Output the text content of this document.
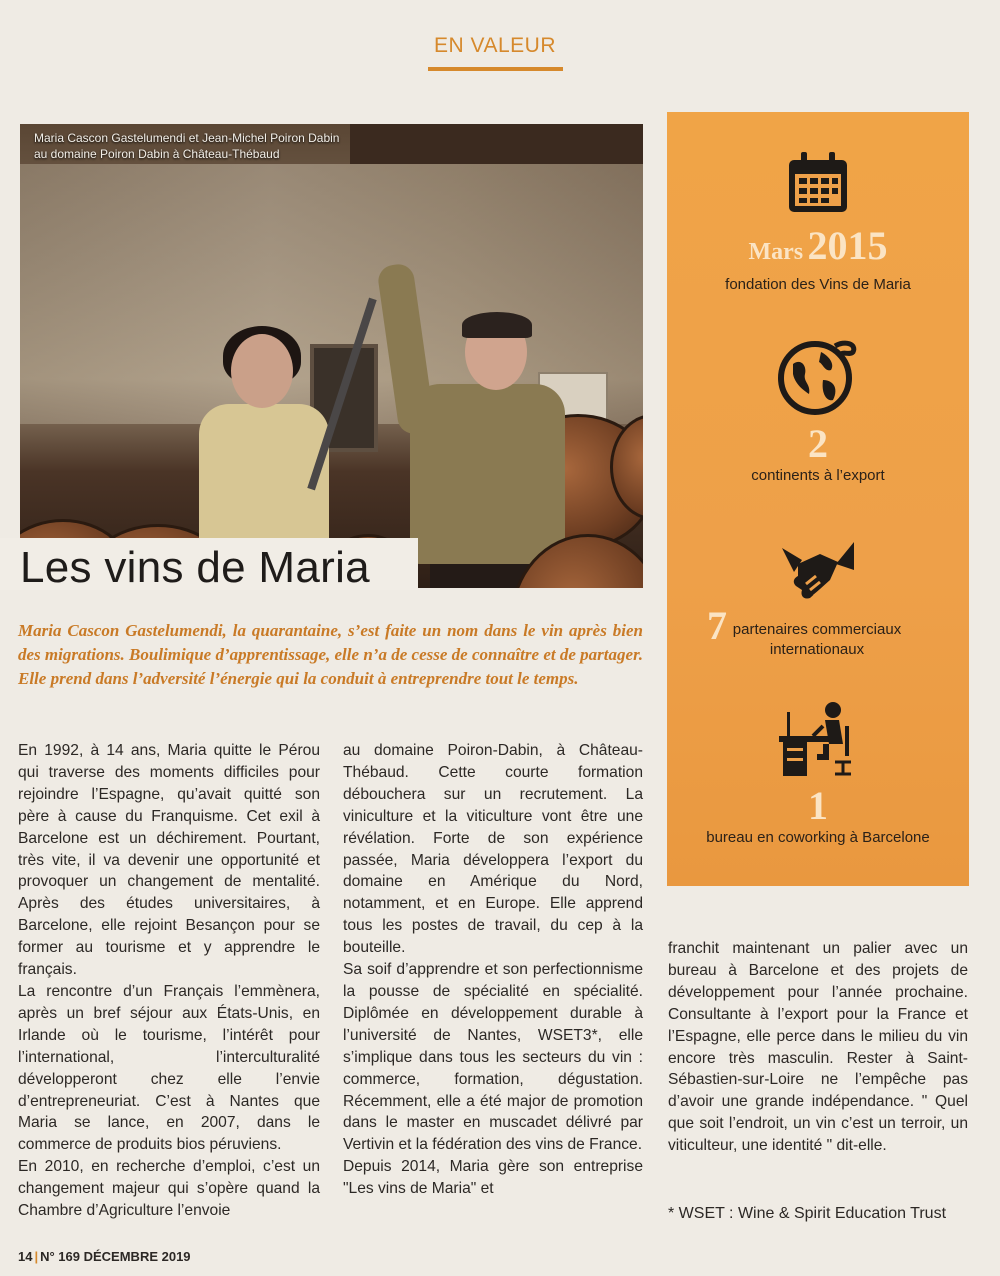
EN VALEUR
Maria Cascon Gastelumendi et Jean-Michel Poiron Dabin
au domaine Poiron Dabin à Château-Thébaud
Les vins de Maria
Maria Cascon Gastelumendi, la quarantaine, s’est faite un nom dans le vin après bien des migrations. Boulimique d’apprentissage, elle n’a de cesse de connaître et de partager. Elle prend dans l’adversité l’énergie qui la conduit à entreprendre tout le temps.

En 1992, à 14 ans, Maria quitte le Pérou qui traverse des moments difficiles pour rejoindre l’Espagne, qu’avait quitté son père à cause du Franquisme. Cet exil à Barcelone est un déchirement. Pourtant, très vite, il va devenir une opportunité et provoquer un changement de mentalité. Après des études universitaires, à Barcelone, elle rejoint Besançon pour se former au tourisme et y apprendre le français.

La rencontre d’un Français l’emmènera, après un bref séjour aux États-Unis, en Irlande où le tourisme, l’intérêt pour l’international, l’interculturalité développeront chez elle l’envie d’entrepreneuriat. C’est à Nantes que Maria se lance, en 2007, dans le commerce de produits bios péruviens.

En 2010, en recherche d’emploi, c’est un changement majeur qui s’opère quand la Chambre d’Agriculture l’envoie

au domaine Poiron-Dabin, à Château-Thébaud. Cette courte formation débouchera sur un recrutement. La viniculture et la viticulture vont être une révélation. Forte de son expérience passée, Maria développera l’export du domaine en Amérique du Nord, notamment, et en Europe. Elle apprend tous les postes de travail, du cep à la bouteille.

Sa soif d’apprendre et son perfectionnisme la pousse de spécialité en spécialité. Diplômée en développement durable à l’université de Nantes, WSET3*, elle s’implique dans tous les secteurs du vin : commerce, formation, dégustation. Récemment, elle a été major de promotion dans le master en muscadet délivré par Vertivin et la fédération des vins de France.

Depuis 2014, Maria gère son entreprise "Les vins de Maria" et

franchit maintenant un palier avec un bureau à Barcelone et des projets de développement pour l’année prochaine. Consultante à l’export pour la France et l’Espagne, elle perce dans le milieu du vin encore très masculin. Rester à Saint-Sébastien-sur-Loire ne l’empêche pas d’avoir une grande indépendance. " Quel que soit l’endroit, un vin c’est un terroir, un viticulteur, une identité " dit-elle.

* WSET : Wine & Spirit Education Trust
Mars 2015
fondation des Vins de Maria
2
continents à l’export
7 partenaires commerciaux
internationaux
1
bureau en coworking à Barcelone
14 | N° 169 DÉCEMBRE 2019
